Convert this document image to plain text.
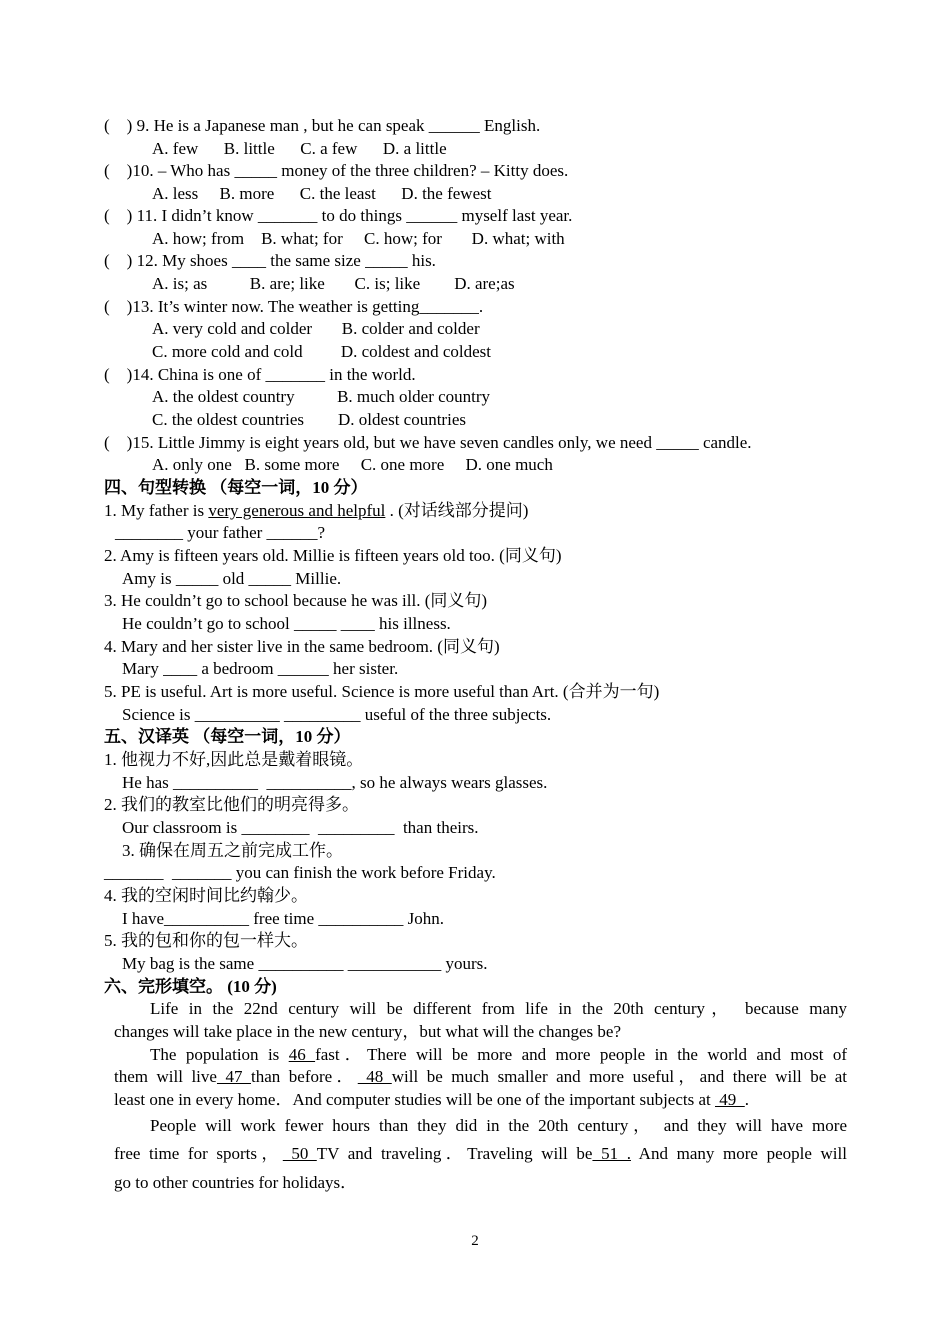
(    ) 9. He is a Japanese man , but he can speak ______ English.
A. few      B. little      C. a few      D. a little
(    )10. – Who has _____ money of the three children? – Kitty does.
A. less     B. more      C. the least      D. the fewest
(    ) 11. I didn’t know _______ to do things ______ myself last year.
A. how; from    B. what; for     C. how; for       D. what; with
(    ) 12. My shoes ____ the same size _____ his.
A. is; as          B. are; like       C. is; like        D. are;as
(    )13. It’s winter now. The weather is getting_______.
A. very cold and colder       B. colder and colder
C. more cold and cold         D. coldest and coldest
(    )14. China is one of _______ in the world.
A. the oldest country          B. much older country
C. the oldest countries        D. oldest countries
(    )15. Little Jimmy is eight years old, but we have seven candles only, we need _____ candle.
A. only one   B. some more     C. one more     D. one much
四、句型转换 （每空一词，10 分）
1. My father is very generous and helpful . (对话线部分提问)
________ your father ______?
2. Amy is fifteen years old. Millie is fifteen years old too. (同义句)
Amy is _____ old _____ Millie.
3. He couldn’t go to school because he was ill. (同义句)
He couldn’t go to school _____ ____ his illness.
4. Mary and her sister live in the same bedroom. (同义句)
Mary ____ a bedroom ______ her sister.
5. PE is useful. Art is more useful. Science is more useful than Art. (合并为一句)
Science is __________ _________ useful of the three subjects.
五、汉译英 （每空一词，10 分）
1. 他视力不好,因此总是戴着眼镜。
He has __________  __________, so he always wears glasses.
2. 我们的教室比他们的明亮得多。
Our classroom is ________  _________  than theirs.
3. 确保在周五之前完成工作。
_______  _______ you can finish the work before Friday.
4. 我的空闲时间比约翰少。
I have__________ free time __________ John.
5. 我的包和你的包一样大。
My bag is the same __________ ___________ yours.
六、完形填空。 (10 分)
Life in the 22nd century will be different from life in the 20th century， because many
changes will take place in the new century，but what will the changes be?
The population is 46 fast．There will be more and more people in the world and most of
them will live 47 than before． 48 will be much smaller and more useful，and there will be at
least one in every home．And computer studies will be one of the important subjects at  49  .
People will work fewer hours than they did in the 20th century， and they will have more
free time for sports， 50 TV and traveling．Traveling will be 51 . And many more people will
go to other countries for holidays．
2
